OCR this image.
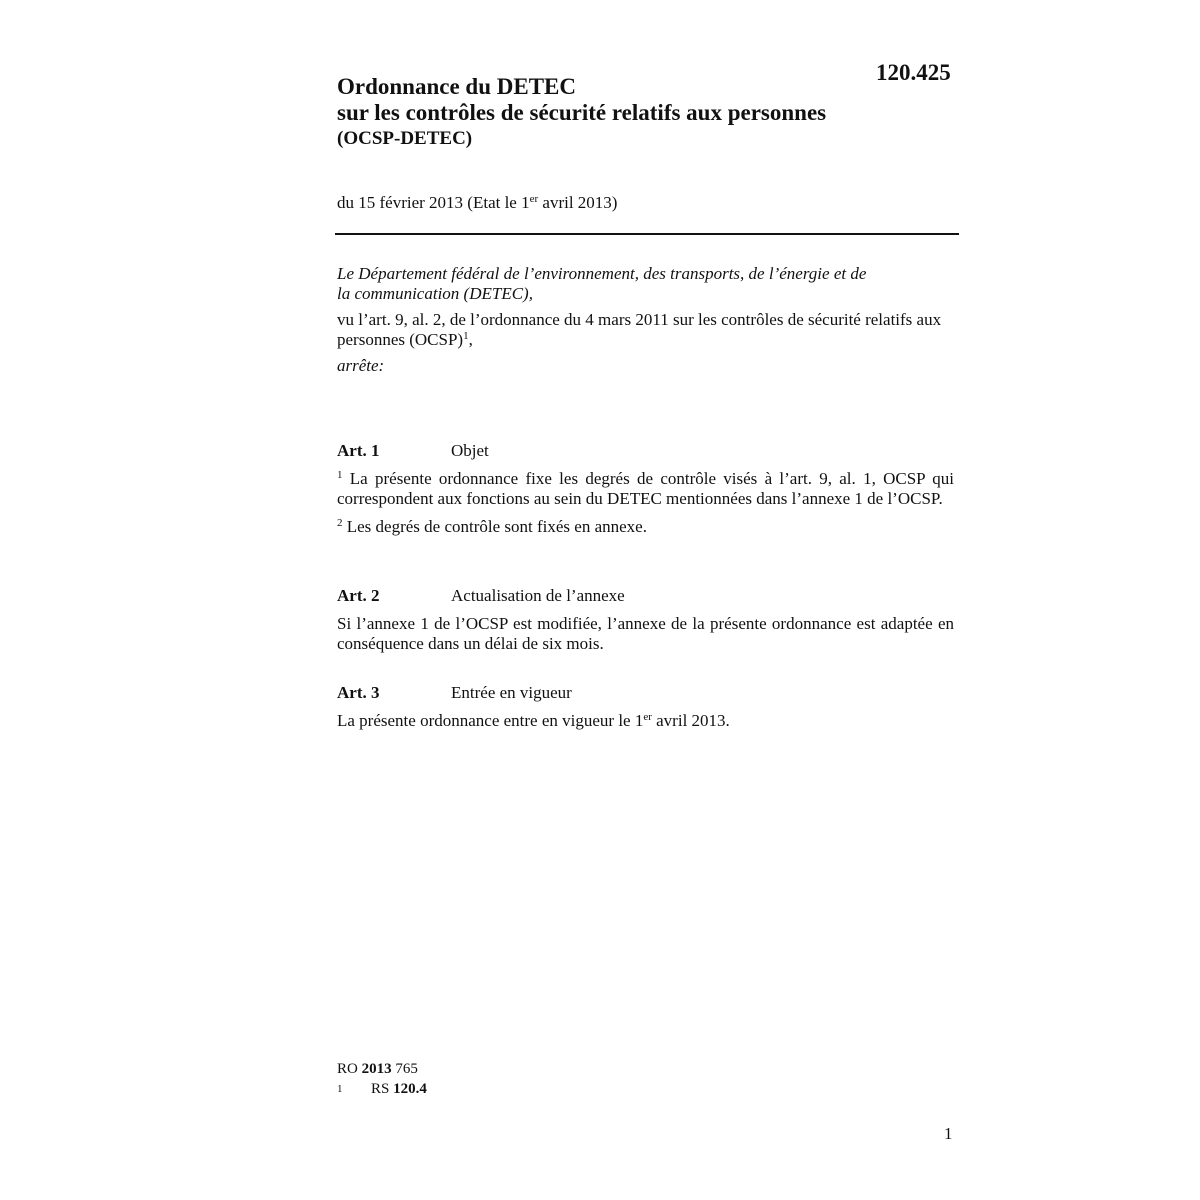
120.425
Ordonnance du DETEC
sur les contrôles de sécurité relatifs aux personnes
(OCSP-DETEC)
du 15 février 2013 (Etat le 1er avril 2013)

Le Département fédéral de l’environnement, des transports, de l’énergie et de la communication (DETEC),

vu l’art. 9, al. 2, de l’ordonnance du 4 mars 2011 sur les contrôles de sécurité relatifs aux personnes (OCSP)$^1$,

arrête:

Art. 1	Objet

$^1$ La présente ordonnance fixe les degrés de contrôle visés à l’art. 9, al. 1, OCSP qui correspondent aux fonctions au sein du DETEC mentionnées dans l’annexe 1 de l’OCSP.

$^2$ Les degrés de contrôle sont fixés en annexe.

Art. 2	Actualisation de l’annexe

Si l’annexe 1 de l’OCSP est modifiée, l’annexe de la présente ordonnance est adaptée en conséquence dans un délai de six mois.

Art. 3	Entrée en vigueur

La présente ordonnance entre en vigueur le 1er avril 2013.

RO 2013 765
1	RS 120.4
1
